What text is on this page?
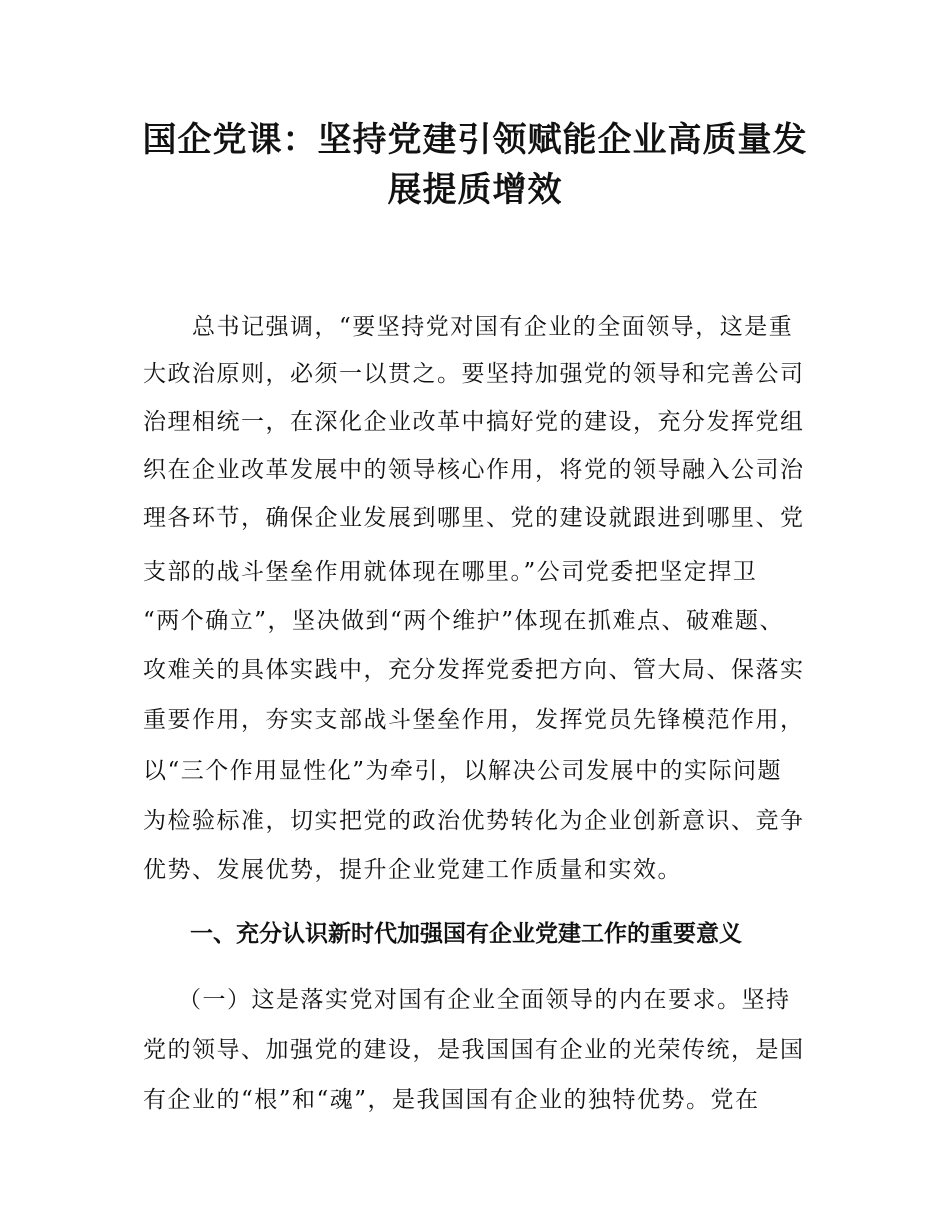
国企党课：坚持党建引领赋能企业高质量发
展提质增效

总书记强调，“要坚持党对国有企业的全面领导，这是重

大政治原则，必须一以贯之。要坚持加强党的领导和完善公司

治理相统一，在深化企业改革中搞好党的建设，充分发挥党组

织在企业改革发展中的领导核心作用，将党的领导融入公司治

理各环节，确保企业发展到哪里、党的建设就跟进到哪里、党

支部的战斗堡垒作用就体现在哪里。”公司党委把坚定捍卫

“两个确立”，坚决做到“两个维护”体现在抓难点、破难题、

攻难关的具体实践中，充分发挥党委把方向、管大局、保落实

重要作用，夯实支部战斗堡垒作用，发挥党员先锋模范作用，

以“三个作用显性化”为牵引，以解决公司发展中的实际问题

为检验标准，切实把党的政治优势转化为企业创新意识、竞争

优势、发展优势，提升企业党建工作质量和实效。

一、充分认识新时代加强国有企业党建工作的重要意义

（一）这是落实党对国有企业全面领导的内在要求。坚持

党的领导、加强党的建设，是我国国有企业的光荣传统，是国

有企业的“根”和“魂”，是我国国有企业的独特优势。党在
